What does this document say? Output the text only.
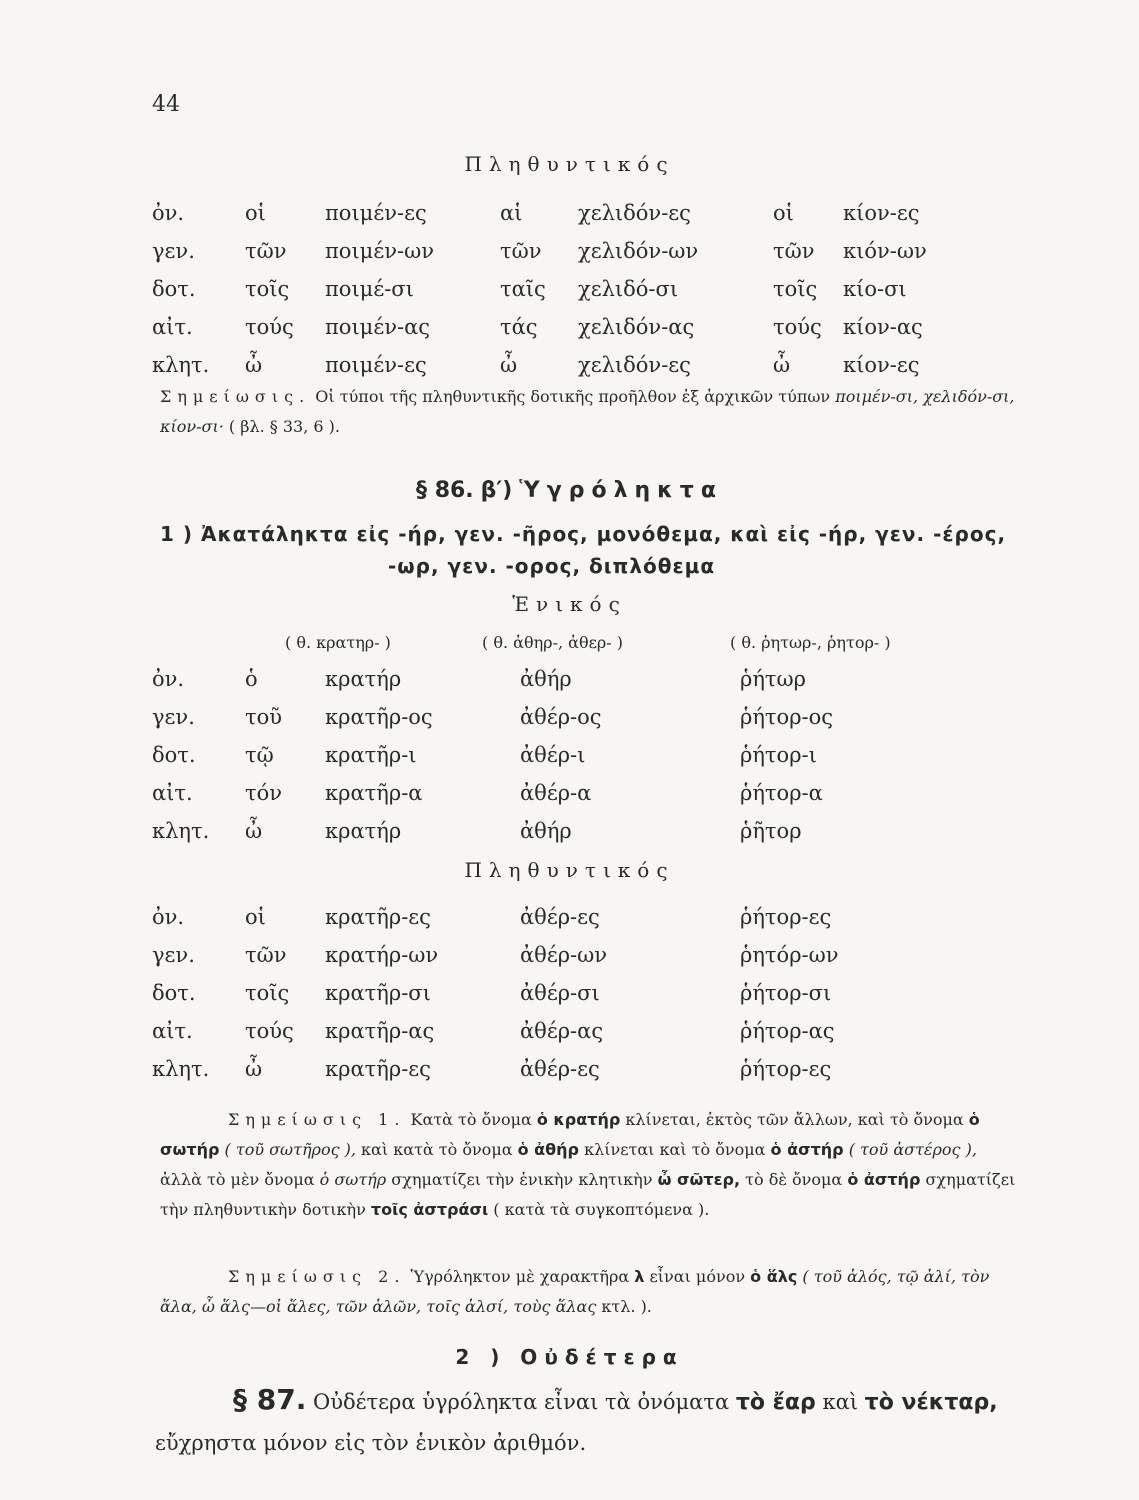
44
Πληθυντικός
ὀν.	οἱ	ποιμέν-ες	αἱ	χελιδόν-ες	οἱ	κίον-ες
γεν.	τῶν	ποιμέν-ων	τῶν	χελιδόν-ων	τῶν	κιόν-ων
δοτ.	τοῖς	ποιμέ-σι	ταῖς	χελιδό-σι	τοῖς	κίο-σι
αἰτ.	τούς	ποιμέν-ας	τάς	χελιδόν-ας	τούς	κίον-ας
κλητ.	ὦ	ποιμέν-ες	ὦ	χελιδόν-ες	ὦ	κίον-ες
Σημείωσις. Οἱ τύποι τῆς πληθυντικῆς δοτικῆς προῆλθον ἐξ ἀρχικῶν τύπων ποιμέν-σι, χελιδόν-σι, κίον-σι· ( βλ. § 33, 6 ).
§ 86. β′) Ὑγρόληκτα
1 ) Ἀκατάληκτα εἰς -ήρ, γεν. -ῆρος, μονόθεμα, καὶ εἰς -ήρ, γεν. -έρος,
-ωρ, γεν. -ορος, διπλόθεμα
Ἑνικός
( θ. κρατηρ- )	( θ. ἀθηρ-, ἀθερ- )	( θ. ῥητωρ-, ῥητορ- )
ὀν.	ὁ	κρατήρ	ἀθήρ	ῥήτωρ
γεν.	τοῦ	κρατῆρ-ος	ἀθέρ-ος	ῥήτορ-ος
δοτ.	τῷ	κρατῆρ-ι	ἀθέρ-ι	ῥήτορ-ι
αἰτ.	τόν	κρατῆρ-α	ἀθέρ-α	ῥήτορ-α
κλητ.	ὦ	κρατήρ	ἀθήρ	ῥῆτορ
Πληθυντικός
ὀν.	οἱ	κρατῆρ-ες	ἀθέρ-ες	ῥήτορ-ες
γεν.	τῶν	κρατήρ-ων	ἀθέρ-ων	ῥητόρ-ων
δοτ.	τοῖς	κρατῆρ-σι	ἀθέρ-σι	ῥήτορ-σι
αἰτ.	τούς	κρατῆρ-ας	ἀθέρ-ας	ῥήτορ-ας
κλητ.	ὦ	κρατῆρ-ες	ἀθέρ-ες	ῥήτορ-ες
Σημείωσις 1. Κατὰ τὸ ὄνομα ὁ κρατήρ κλίνεται, ἐκτὸς τῶν ἄλλων, καὶ τὸ ὄνομα ὁ σωτήρ ( τοῦ σωτῆρος ), καὶ κατὰ τὸ ὄνομα ὁ ἀθήρ κλίνεται καὶ τὸ ὄνομα ὁ ἀστήρ ( τοῦ ἀστέρος ), ἀλλὰ τὸ μὲν ὄνομα ὁ σωτήρ σχηματίζει τὴν ἑνικὴν κλητικὴν ὦ σῶτερ, τὸ δὲ ὄνομα ὁ ἀστήρ σχηματίζει τὴν πληθυντικὴν δοτικὴν τοῖς ἀστράσι ( κατὰ τὰ συγκοπτόμενα ).
Σημείωσις 2. Ὑγρόληκτον μὲ χαρακτῆρα λ εἶναι μόνον ὁ ἅλς ( τοῦ ἁλός, τῷ ἁλί, τὸν ἅλα, ὦ ἅλς—οἱ ἅλες, τῶν ἁλῶν, τοῖς ἁλσί, τοὺς ἅλας κτλ. ).
2 ) Οὐδέτερα
§ 87. Οὐδέτερα ὑγρόληκτα εἶναι τὰ ὀνόματα τὸ ἔαρ καὶ τὸ νέκταρ, εὔχρηστα μόνον εἰς τὸν ἑνικὸν ἀριθμόν.
